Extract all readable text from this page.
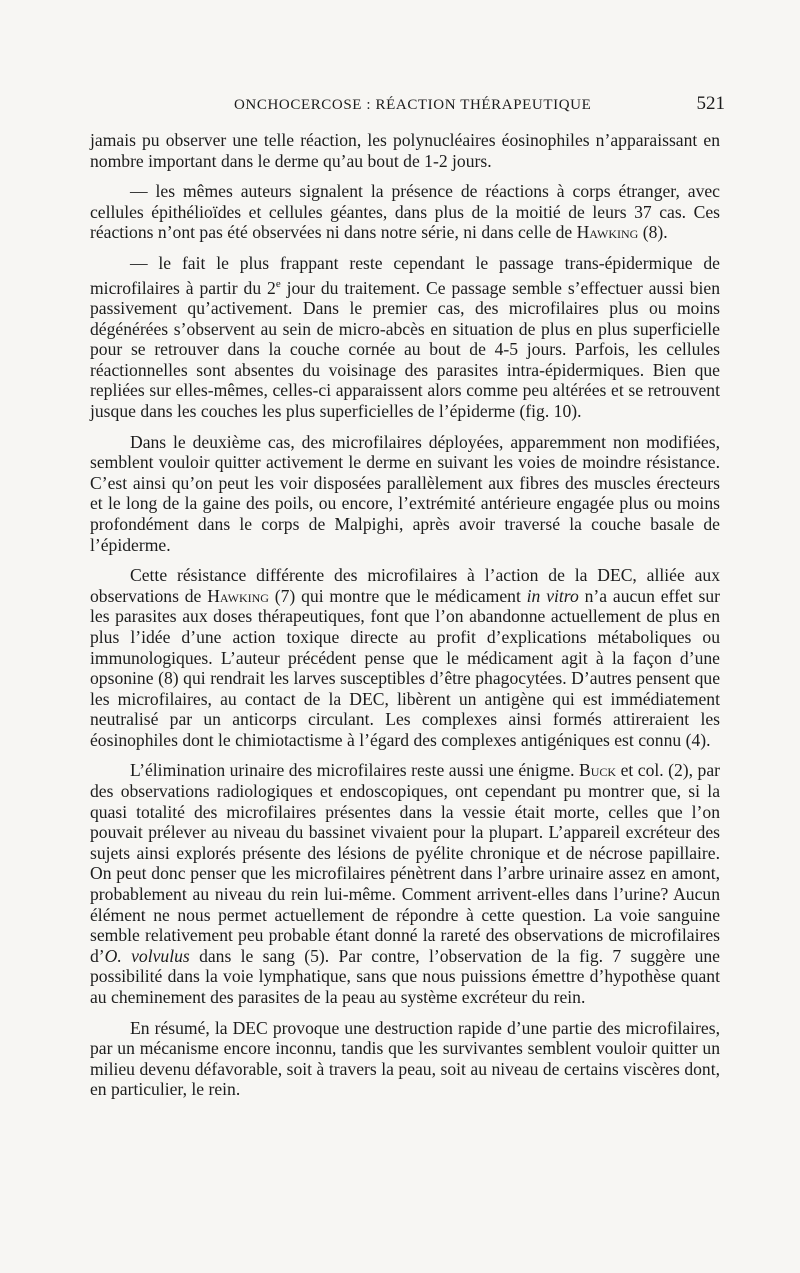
ONCHOCERCOSE : RÉACTION THÉRAPEUTIQUE	521

jamais pu observer une telle réaction, les polynucléaires éosinophiles n’apparaissant en nombre important dans le derme qu’au bout de 1-2 jours.

— les mêmes auteurs signalent la présence de réactions à corps étranger, avec cellules épithélioïdes et cellules géantes, dans plus de la moitié de leurs 37 cas. Ces réactions n’ont pas été observées ni dans notre série, ni dans celle de Hawking (8).

— le fait le plus frappant reste cependant le passage trans-épidermique de microfilaires à partir du 2e jour du traitement. Ce passage semble s’effectuer aussi bien passivement qu’activement. Dans le premier cas, des microfilaires plus ou moins dégénérées s’observent au sein de micro-abcès en situation de plus en plus superficielle pour se retrouver dans la couche cornée au bout de 4-5 jours. Parfois, les cellules réactionnelles sont absentes du voisinage des parasites intra-épidermiques. Bien que repliées sur elles-mêmes, celles-ci apparaissent alors comme peu altérées et se retrouvent jusque dans les couches les plus superficielles de l’épiderme (fig. 10).

Dans le deuxième cas, des microfilaires déployées, apparemment non modifiées, semblent vouloir quitter activement le derme en suivant les voies de moindre résistance. C’est ainsi qu’on peut les voir disposées parallèlement aux fibres des muscles érecteurs et le long de la gaine des poils, ou encore, l’extrémité antérieure engagée plus ou moins profondément dans le corps de Malpighi, après avoir traversé la couche basale de l’épiderme.

Cette résistance différente des microfilaires à l’action de la DEC, alliée aux observations de Hawking (7) qui montre que le médicament in vitro n’a aucun effet sur les parasites aux doses thérapeutiques, font que l’on abandonne actuellement de plus en plus l’idée d’une action toxique directe au profit d’explications métaboliques ou immunologiques. L’auteur précédent pense que le médicament agit à la façon d’une opsonine (8) qui rendrait les larves susceptibles d’être phagocytées. D’autres pensent que les microfilaires, au contact de la DEC, libèrent un antigène qui est immédiatement neutralisé par un anticorps circulant. Les complexes ainsi formés attireraient les éosinophiles dont le chimiotactisme à l’égard des complexes antigéniques est connu (4).

L’élimination urinaire des microfilaires reste aussi une énigme. Buck et col. (2), par des observations radiologiques et endoscopiques, ont cependant pu montrer que, si la quasi totalité des microfilaires présentes dans la vessie était morte, celles que l’on pouvait prélever au niveau du bassinet vivaient pour la plupart. L’appareil excréteur des sujets ainsi explorés présente des lésions de pyélite chronique et de nécrose papillaire. On peut donc penser que les microfilaires pénètrent dans l’arbre urinaire assez en amont, probablement au niveau du rein lui-même. Comment arrivent-elles dans l’urine? Aucun élément ne nous permet actuellement de répondre à cette question. La voie sanguine semble relativement peu probable étant donné la rareté des observations de microfilaires d’O. volvulus dans le sang (5). Par contre, l’observation de la fig. 7 suggère une possibilité dans la voie lymphatique, sans que nous puissions émettre d’hypothèse quant au cheminement des parasites de la peau au système excréteur du rein.

En résumé, la DEC provoque une destruction rapide d’une partie des microfilaires, par un mécanisme encore inconnu, tandis que les survivantes semblent vouloir quitter un milieu devenu défavorable, soit à travers la peau, soit au niveau de certains viscères dont, en particulier, le rein.
